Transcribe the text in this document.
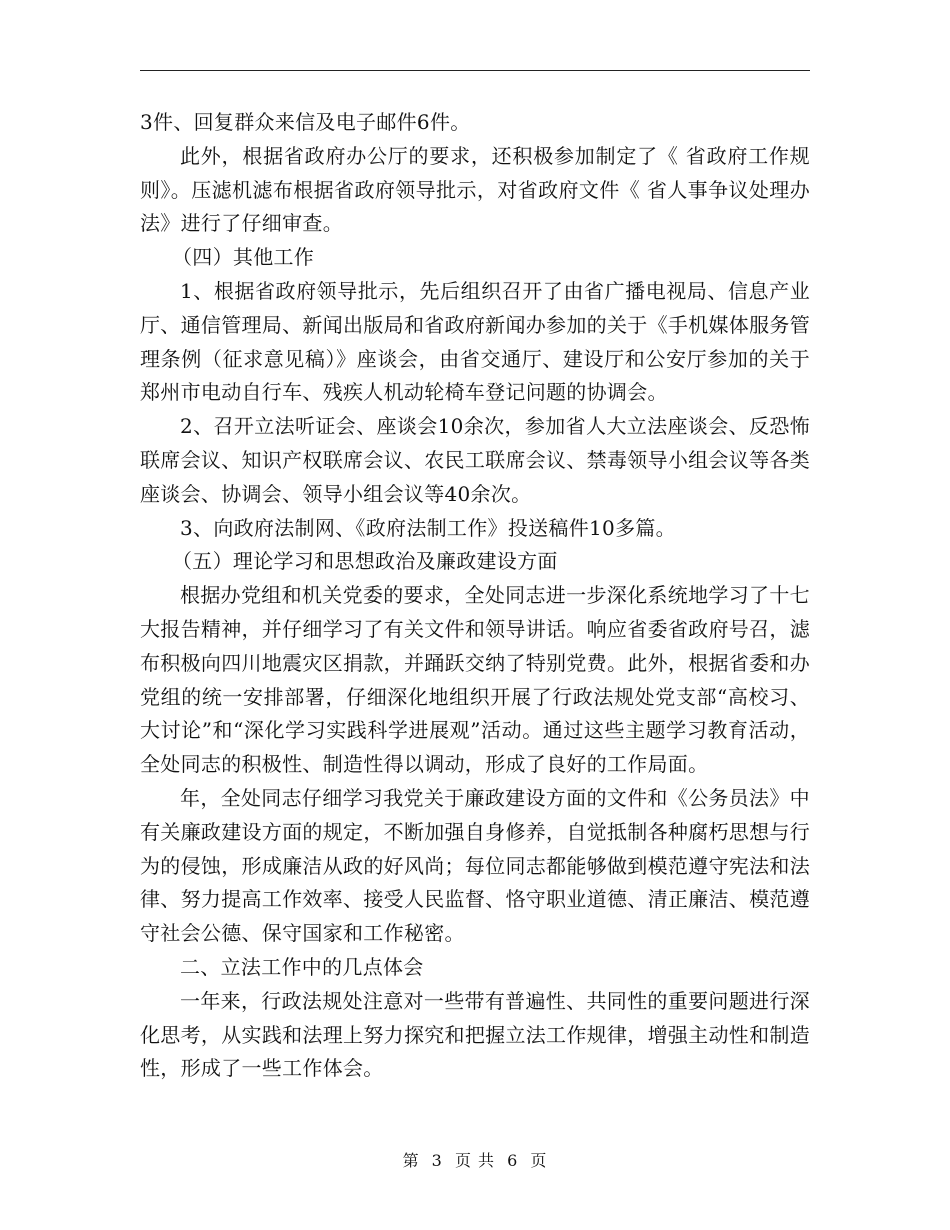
3件、回复群众来信及电子邮件6件。

此外，根据省政府办公厅的要求，还积极参加制定了《 省政府工作规则》。压滤机滤布根据省政府领导批示，对省政府文件《 省人事争议处理办法》进行了仔细审查。

（四）其他工作

1、根据省政府领导批示，先后组织召开了由省广播电视局、信息产业厅、通信管理局、新闻出版局和省政府新闻办参加的关于《手机媒体服务管理条例（征求意见稿）》座谈会，由省交通厅、建设厅和公安厅参加的关于郑州市电动自行车、残疾人机动轮椅车登记问题的协调会。

2、召开立法听证会、座谈会10余次，参加省人大立法座谈会、反恐怖联席会议、知识产权联席会议、农民工联席会议、禁毒领导小组会议等各类座谈会、协调会、领导小组会议等40余次。

3、向政府法制网、《政府法制工作》投送稿件10多篇。

（五）理论学习和思想政治及廉政建设方面

根据办党组和机关党委的要求，全处同志进一步深化系统地学习了十七大报告精神，并仔细学习了有关文件和领导讲话。响应省委省政府号召，滤布积极向四川地震灾区捐款，并踊跃交纳了特别党费。此外，根据省委和办党组的统一安排部署，仔细深化地组织开展了行政法规处党支部“高校习、大讨论”和“深化学习实践科学进展观”活动。通过这些主题学习教育活动，全处同志的积极性、制造性得以调动，形成了良好的工作局面。

年，全处同志仔细学习我党关于廉政建设方面的文件和《公务员法》中有关廉政建设方面的规定，不断加强自身修养，自觉抵制各种腐朽思想与行为的侵蚀，形成廉洁从政的好风尚；每位同志都能够做到模范遵守宪法和法律、努力提高工作效率、接受人民监督、恪守职业道德、清正廉洁、模范遵守社会公德、保守国家和工作秘密。

二、立法工作中的几点体会

一年来，行政法规处注意对一些带有普遍性、共同性的重要问题进行深化思考，从实践和法理上努力探究和把握立法工作规律，增强主动性和制造性，形成了一些工作体会。

第 3 页 共 6 页
